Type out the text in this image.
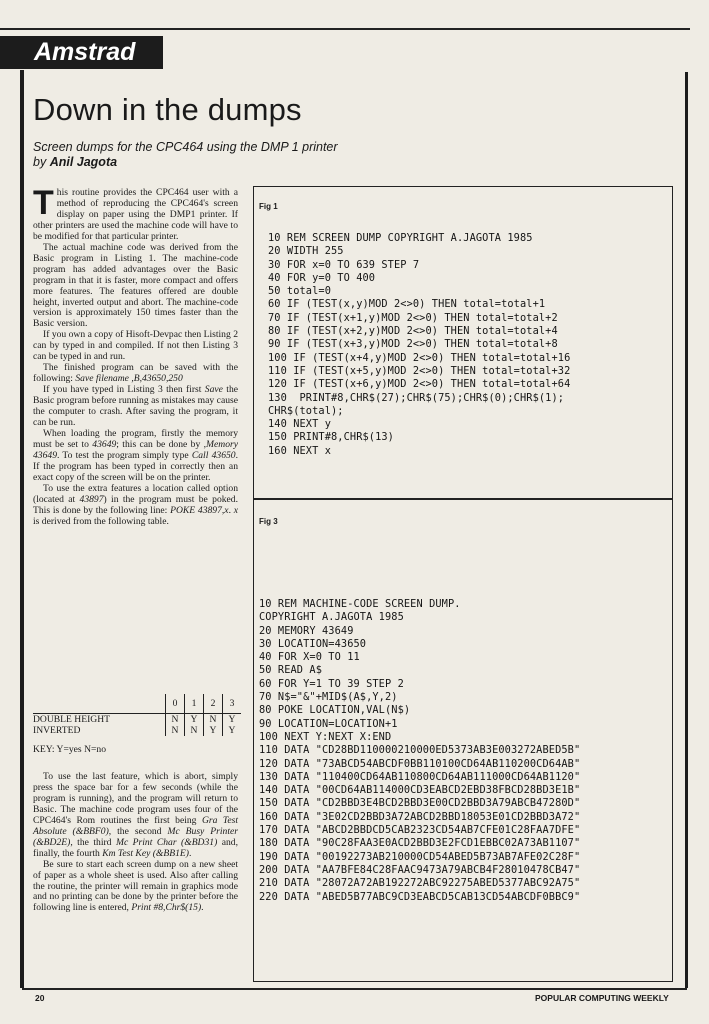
Amstrad
Down in the dumps
Screen dumps for the CPC464 using the DMP 1 printer
by Anil Jagota

This routine provides the CPC464 user with a method of reproducing the CPC464's screen display on paper using the DMP1 printer. If other printers are used the machine code will have to be modified for that particular printer.

The actual machine code was derived from the Basic program in Listing 1. The machine-code program has added advantages over the Basic program in that it is faster, more compact and offers more features. The features offered are double height, inverted output and abort. The machine-code version is approximately 150 times faster than the Basic version.

If you own a copy of Hisoft-Devpac then Listing 2 can by typed in and compiled. If not then Listing 3 can be typed in and run.

The finished program can be saved with the following: Save filename ,B,43650,250

If you have typed in Listing 3 then first Save the Basic program before running as mistakes may cause the computer to crash. After saving the program, it can be run.

When loading the program, firstly the memory must be set to 43649; this can be done by ,Memory 43649. To test the program simply type Call 43650. If the program has been typed in correctly then an exact copy of the screen will be on the printer.

To use the extra features a location called option (located at 43897) in the program must be poked. This is done by the following line: POKE 43897,x. x is derived from the following table.

	0	1	2	3
DOUBLE HEIGHT	N	Y	N	Y
INVERTED	N	N	Y	Y
KEY: Y=yes N=no

To use the last feature, which is abort, simply press the space bar for a few seconds (while the program is running), and the program will return to Basic. The machine code program uses four of the CPC464's Rom routines the first being Gra Test Absolute (&BBF0), the second Mc Busy Printer (&BD2E), the third Mc Print Char (&BD31) and, finally, the fourth Km Test Key (&BB1E).

Be sure to start each screen dump on a new sheet of paper as a whole sheet is used. Also after calling the routine, the printer will remain in graphics mode and no printing can be done by the printer before the following line is entered, Print #8,Chr$(15).

Fig 1
10 REM SCREEN DUMP COPYRIGHT A.JAGOTA 1985
20 WIDTH 255
30 FOR x=0 TO 639 STEP 7
40 FOR y=0 TO 400
50 total=0
60 IF (TEST(x,y)MOD 2<>0) THEN total=total+1
70 IF (TEST(x+1,y)MOD 2<>0) THEN total=total+2
80 IF (TEST(x+2,y)MOD 2<>0) THEN total=total+4
90 IF (TEST(x+3,y)MOD 2<>0) THEN total=total+8
100 IF (TEST(x+4,y)MOD 2<>0) THEN total=total+16
110 IF (TEST(x+5,y)MOD 2<>0) THEN total=total+32
120 IF (TEST(x+6,y)MOD 2<>0) THEN total=total+64
130  PRINT#8,CHR$(27);CHR$(75);CHR$(0);CHR$(1);
CHR$(total);
140 NEXT y
150 PRINT#8,CHR$(13)
160 NEXT x
Fig 3
10 REM MACHINE-CODE SCREEN DUMP.
COPYRIGHT A.JAGOTA 1985
20 MEMORY 43649
30 LOCATION=43650
40 FOR X=0 TO 11
50 READ A$
60 FOR Y=1 TO 39 STEP 2
70 N$="&"+MID$(A$,Y,2)
80 POKE LOCATION,VAL(N$)
90 LOCATION=LOCATION+1
100 NEXT Y:NEXT X:END
110 DATA "CD28BD110000210000ED5373AB3E003272ABED5B"
120 DATA "73ABCD54ABCDF0BB110100CD64AB110200CD64AB"
130 DATA "110400CD64AB110800CD64AB111000CD64AB1120"
140 DATA "00CD64AB114000CD3EABCD2EBD38FBCD28BD3E1B"
150 DATA "CD2BBD3E4BCD2BBD3E00CD2BBD3A79ABCB47280D"
160 DATA "3E02CD2BBD3A72ABCD2BBD18053E01CD2BBD3A72"
170 DATA "ABCD2BBDCD5CAB2323CD54AB7CFE01C28FAA7DFE"
180 DATA "90C28FAA3E0ACD2BBD3E2FCD1EBBC02A73AB1107"
190 DATA "00192273AB210000CD54ABED5B73AB7AFE02C28F"
200 DATA "AA7BFE84C28FAAC9473A79ABCB4F28010478CB47"
210 DATA "28072A72AB192272ABC92275ABED5377ABC92A75"
220 DATA "ABED5B77ABC9CD3EABCD5CAB13CD54ABCDF0BBC9"
20	POPULAR COMPUTING WEEKLY
